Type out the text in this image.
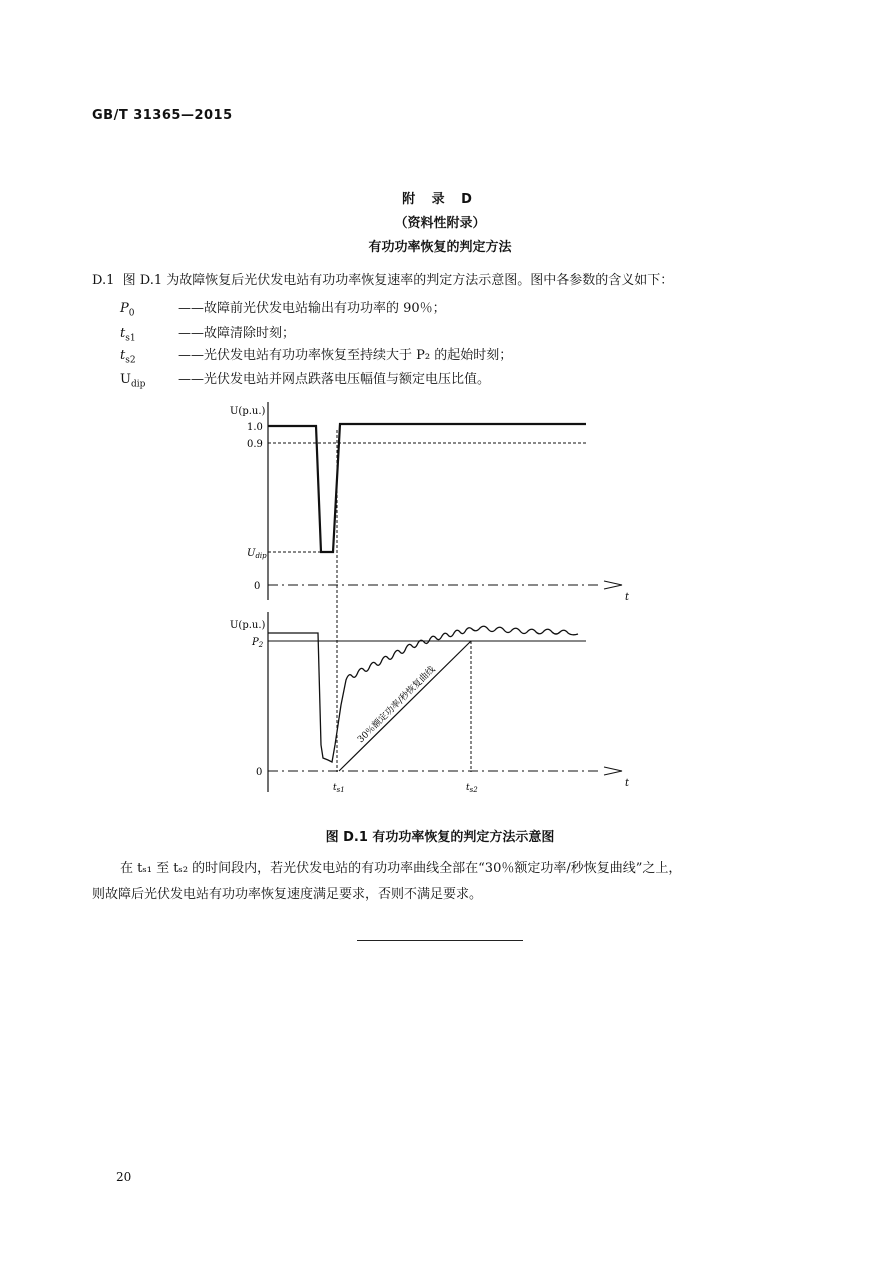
GB/T 31365—2015
附 录 D
（资料性附录）
有功功率恢复的判定方法
D.1 图 D.1 为故障恢复后光伏发电站有功功率恢复速率的判定方法示意图。图中各参数的含义如下：
$P_0$	——故障前光伏发电站输出有功功率的 90％；
$t_{s1}$	——故障清除时刻；
$t_{s2}$	——光伏发电站有功功率恢复至持续大于 P₂ 的起始时刻；
$U_{dip}$	——光伏发电站并网点跌落电压幅值与额定电压比值。
U(p.u.)
1.0
0.9
$U_{dip}$
0
t
U(p.u.)
$P_2$
0
$t_{s1}$	$t_{s2}$
t
30％额定功率/秒恢复曲线
图 D.1 有功功率恢复的判定方法示意图
在 tₛ₁ 至 tₛ₂ 的时间段内，若光伏发电站的有功功率曲线全部在“30％额定功率/秒恢复曲线”之上，
则故障后光伏发电站有功功率恢复速度满足要求，否则不满足要求。
20
